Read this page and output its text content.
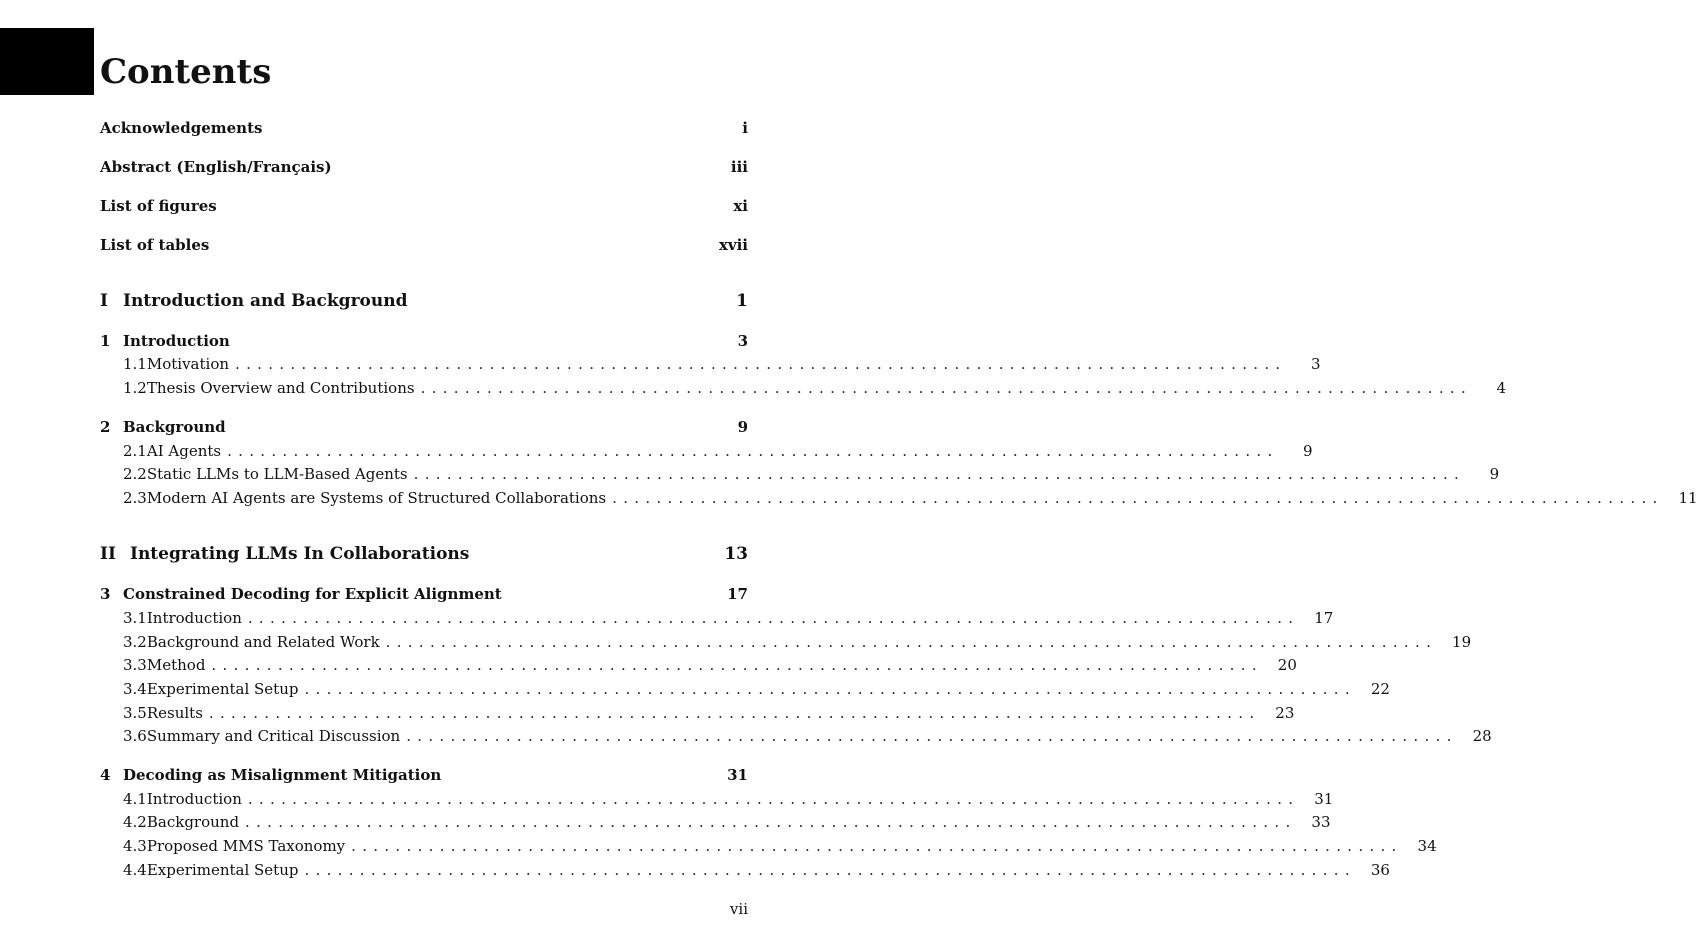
Contents
Acknowledgements	i
Abstract (English/Français)	iii
List of figures	xi
List of tables	xvii
I Introduction and Background	1
1 Introduction	3
1.1 Motivation ...............................................................................................	3
1.2 Thesis Overview and Contributions ...............................................................................................	4
2 Background	9
2.1 AI Agents ...............................................................................................	9
2.2 Static LLMs to LLM-Based Agents ...............................................................................................	9
2.3 Modern AI Agents are Systems of Structured Collaborations ............................................................................................... 11
II Integrating LLMs In Collaborations	13
3 Constrained Decoding for Explicit Alignment	17
3.1 Introduction ............................................................................................... 17
3.2 Background and Related Work ............................................................................................... 19
3.3 Method ............................................................................................... 20
3.4 Experimental Setup ............................................................................................... 22
3.5 Results ............................................................................................... 23
3.6 Summary and Critical Discussion ............................................................................................... 28
4 Decoding as Misalignment Mitigation	31
4.1 Introduction ............................................................................................... 31
4.2 Background ............................................................................................... 33
4.3 Proposed MMS Taxonomy ............................................................................................... 34
4.4 Experimental Setup ............................................................................................... 36
vii
